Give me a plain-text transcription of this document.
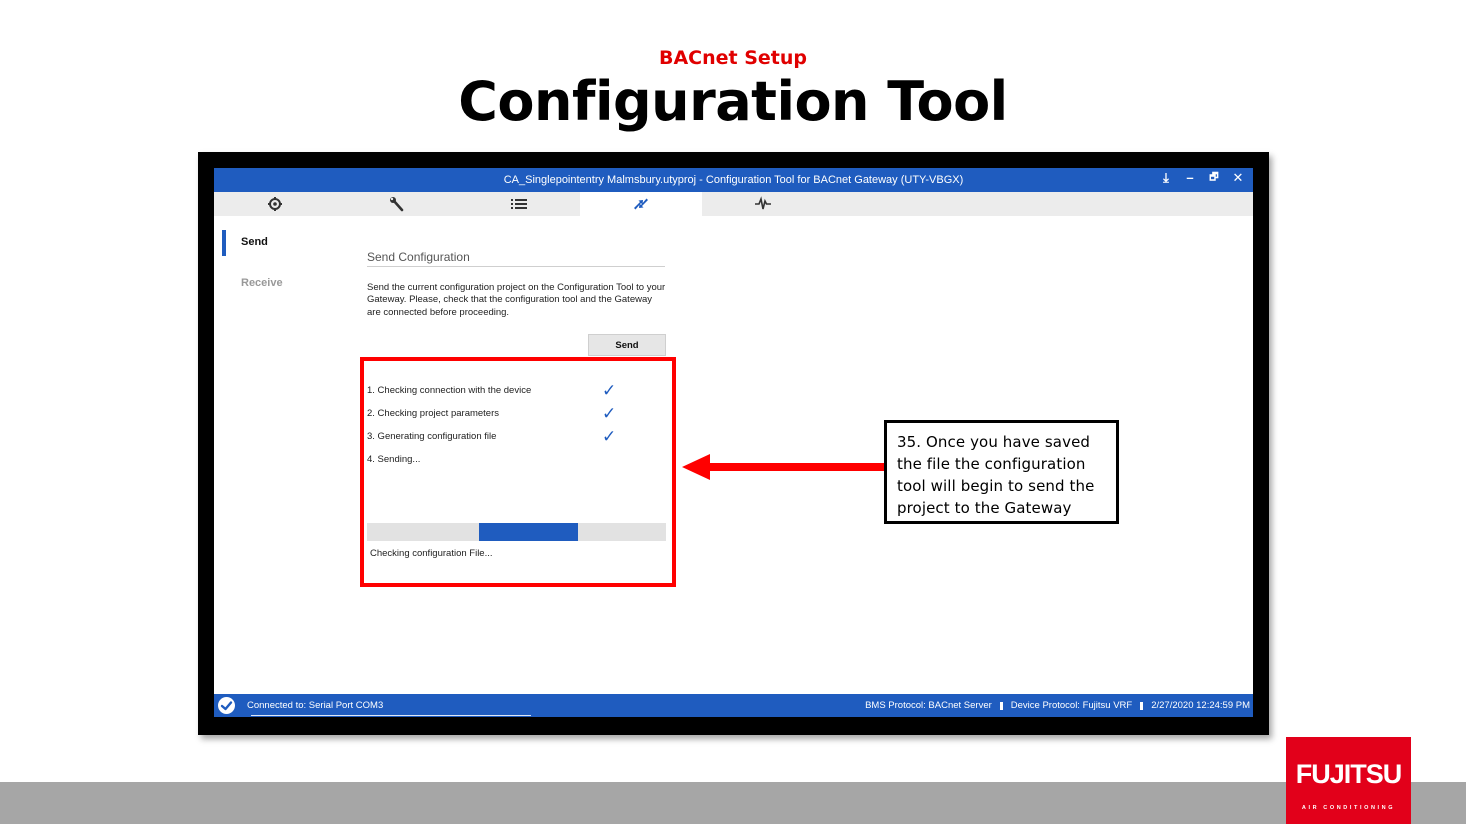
BACnet Setup
Configuration Tool
CA_Singlepointentry Malmsbury.utyproj - Configuration Tool for BACnet Gateway (UTY-VBGX)	⤓	–	🗗 ✕
Send
Receive
Send Configuration
Send the current configuration project on the Configuration Tool to your Gateway. Please, check that the configuration tool and the Gateway are connected before proceeding.
Send
1. Checking connection with the device	✓
2. Checking project parameters	✓
3. Generating configuration file	✓
4. Sending...
Checking configuration File...
Connected to: Serial Port COM3	BMS Protocol: BACnet Server Device Protocol: Fujitsu VRF 2/27/2020 12:24:59 PM
35. Once you have saved the file the configuration tool will begin to send the project to the Gateway
FUJITSU
AIR CONDITIONING
